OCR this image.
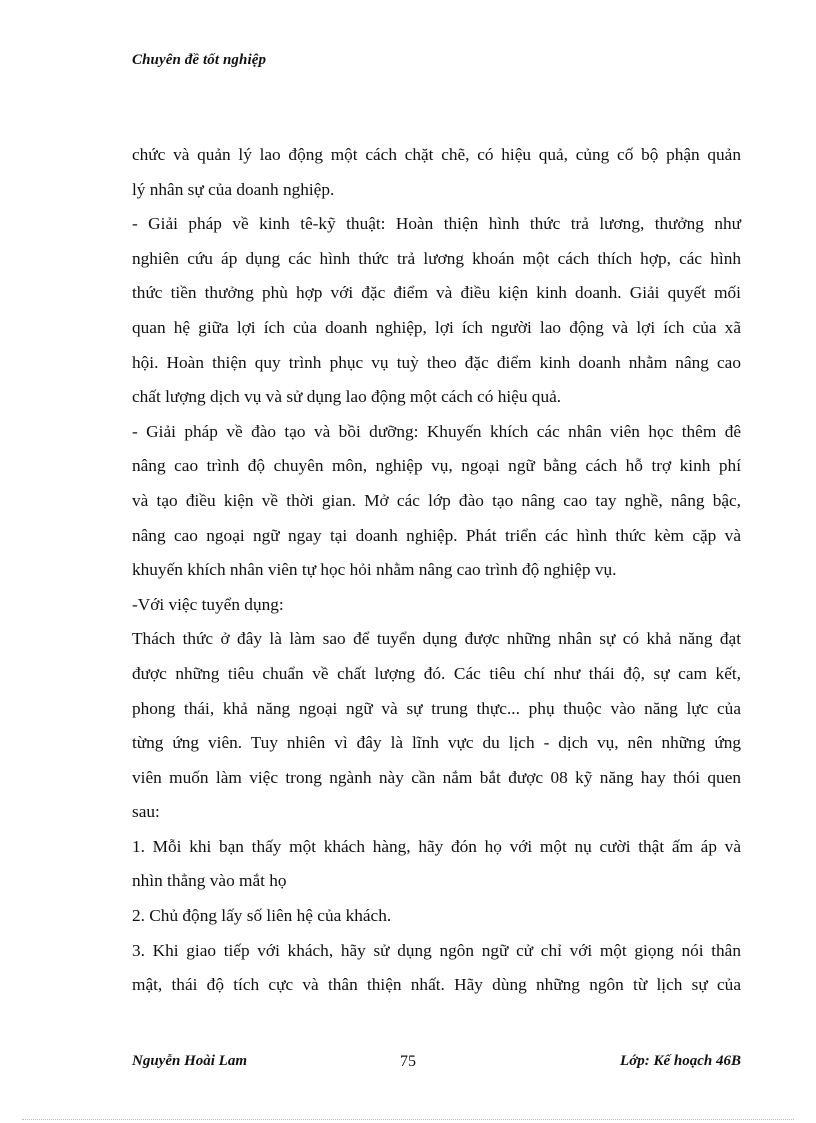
Chuyên đề tốt nghiệp
chức và quản lý lao động một cách chặt chẽ, có hiệu quả, củng cố bộ phận quản
lý nhân sự của doanh nghiệp.
- Giải pháp về kinh tê-kỹ thuật: Hoàn thiện hình thức trả lương, thưởng như
nghiên cứu áp dụng các hình thức trả lương khoán một cách thích hợp, các hình
thức tiền thưởng phù hợp với đặc điểm và điều kiện kinh doanh. Giải quyết mối
quan hệ giữa lợi ích của doanh nghiệp, lợi ích người lao động và lợi ích của xã
hội. Hoàn thiện quy trình phục vụ tuỳ theo đặc điểm kinh doanh nhằm nâng cao
chất lượng dịch vụ và sử dụng lao động một cách có hiệu quả.
- Giải pháp về đào tạo và bồi dưỡng: Khuyến khích các nhân viên học thêm đê
nâng cao trình độ chuyên môn, nghiệp vụ, ngoại ngữ bằng cách hỗ trợ kinh phí
và tạo điều kiện về thời gian. Mở các lớp đào tạo nâng cao tay nghề, nâng bậc,
nâng cao ngoại ngữ ngay tại doanh nghiệp. Phát triển các hình thức kèm cặp và
khuyến khích nhân viên tự học hỏi nhằm nâng cao trình độ nghiệp vụ.
-Với việc tuyển dụng:
Thách thức ở đây là làm sao để tuyển dụng được những nhân sự có khả năng đạt
được những tiêu chuẩn về chất lượng đó. Các tiêu chí như thái độ, sự cam kết,
phong thái, khả năng ngoại ngữ và sự trung thực... phụ thuộc vào năng lực của
từng ứng viên. Tuy nhiên vì đây là lĩnh vực du lịch - dịch vụ, nên những ứng
viên muốn làm việc trong ngành này cần nắm bắt được 08 kỹ năng hay thói quen
sau:
1. Mỗi khi bạn thấy một khách hàng, hãy đón họ với một nụ cười thật ấm áp và
nhìn thẳng vào mắt họ
2. Chủ động lấy số liên hệ của khách.
3. Khi giao tiếp với khách, hãy sử dụng ngôn ngữ cử chỉ với một giọng nói thân
mật, thái độ tích cực và thân thiện nhất. Hãy dùng những ngôn từ lịch sự của
Nguyễn Hoài Lam	75	Lớp: Kế hoạch 46B
